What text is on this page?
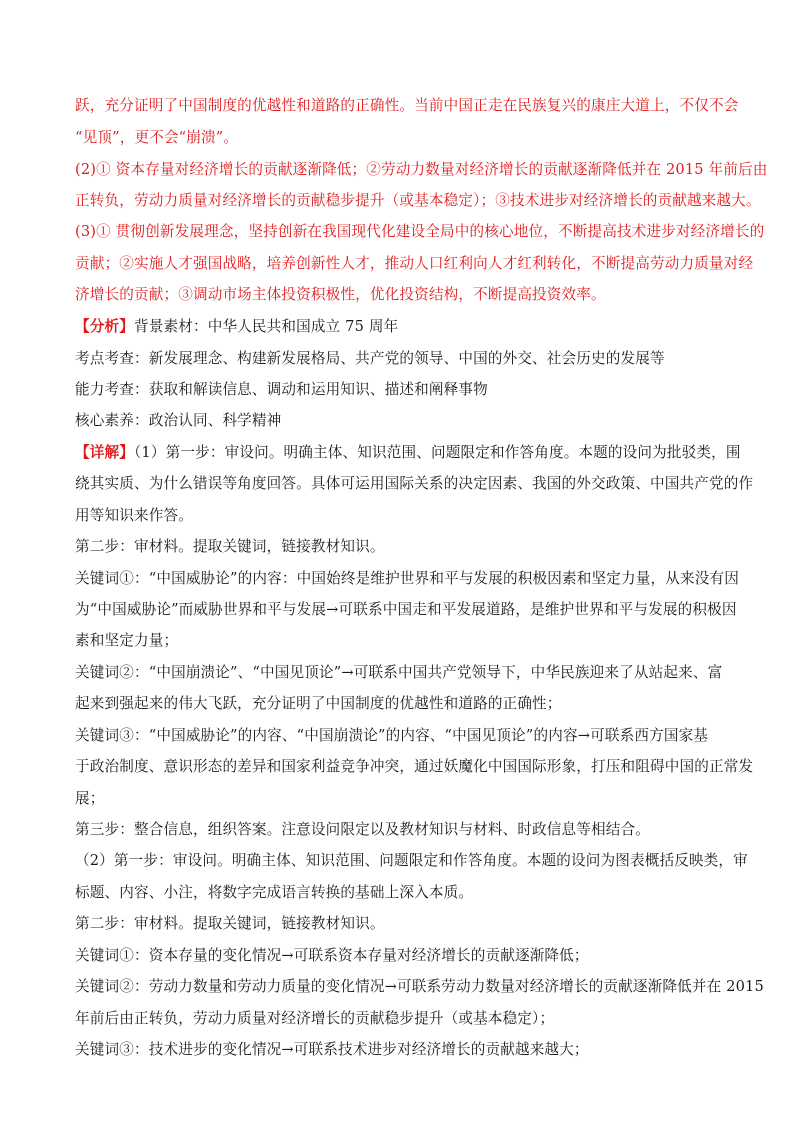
跃，充分证明了中国制度的优越性和道路的正确性。当前中国正走在民族复兴的康庄大道上，不仅不会
“见顶”，更不会“崩溃”。
(2)① 资本存量对经济增长的贡献逐渐降低；②劳动力数量对经济增长的贡献逐渐降低并在 2015 年前后由
正转负，劳动力质量对经济增长的贡献稳步提升（或基本稳定）；③技术进步对经济增长的贡献越来越大。
(3)① 贯彻创新发展理念，坚持创新在我国现代化建设全局中的核心地位，不断提高技术进步对经济增长的
贡献；②实施人才强国战略，培养创新性人才，推动人口红利向人才红利转化，不断提高劳动力质量对经
济增长的贡献；③调动市场主体投资积极性，优化投资结构，不断提高投资效率。
【分析】背景素材：中华人民共和国成立 75 周年
考点考查：新发展理念、构建新发展格局、共产党的领导、中国的外交、社会历史的发展等
能力考查：获取和解读信息、调动和运用知识、描述和阐释事物
核心素养：政治认同、科学精神
【详解】（1）第一步：审设问。明确主体、知识范围、问题限定和作答角度。本题的设问为批驳类，围
绕其实质、为什么错误等角度回答。具体可运用国际关系的决定因素、我国的外交政策、中国共产党的作
用等知识来作答。
第二步：审材料。提取关键词，链接教材知识。
关键词①：“中国威胁论”的内容：中国始终是维护世界和平与发展的积极因素和坚定力量，从来没有因
为“中国威胁论”而威胁世界和平与发展→可联系中国走和平发展道路，是维护世界和平与发展的积极因
素和坚定力量；
关键词②：“中国崩溃论”、“中国见顶论”→可联系中国共产党领导下，中华民族迎来了从站起来、富
起来到强起来的伟大飞跃，充分证明了中国制度的优越性和道路的正确性；
关键词③：“中国威胁论”的内容、“中国崩溃论”的内容、“中国见顶论”的内容→可联系西方国家基
于政治制度、意识形态的差异和国家利益竞争冲突，通过妖魔化中国国际形象，打压和阻碍中国的正常发
展；
第三步：整合信息，组织答案。注意设问限定以及教材知识与材料、时政信息等相结合。
（2）第一步：审设问。明确主体、知识范围、问题限定和作答角度。本题的设问为图表概括反映类，审
标题、内容、小注，将数字完成语言转换的基础上深入本质。
第二步：审材料。提取关键词，链接教材知识。
关键词①：资本存量的变化情况→可联系资本存量对经济增长的贡献逐渐降低；
关键词②：劳动力数量和劳动力质量的变化情况→可联系劳动力数量对经济增长的贡献逐渐降低并在 2015
年前后由正转负，劳动力质量对经济增长的贡献稳步提升（或基本稳定）；
关键词③：技术进步的变化情况→可联系技术进步对经济增长的贡献越来越大；
